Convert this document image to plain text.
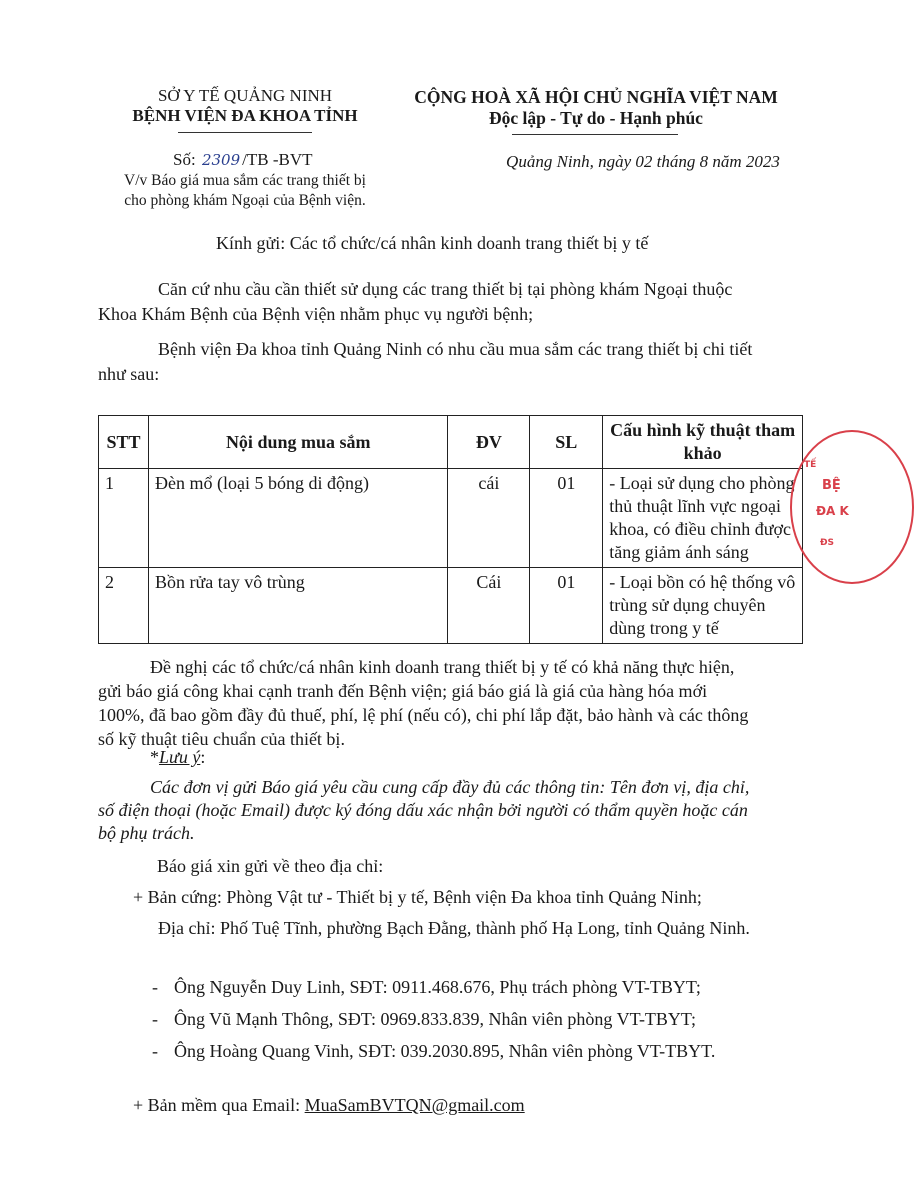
SỞ Y TẾ QUẢNG NINH
BỆNH VIỆN ĐA KHOA TỈNH
Số: 2309 /TB -BVT
V/v Báo giá mua sắm các trang thiết bị
cho phòng khám Ngoại của Bệnh viện.
CỘNG HOÀ XÃ HỘI CHỦ NGHĨA VIỆT NAM
Độc lập - Tự do - Hạnh phúc
Quảng Ninh, ngày 02 tháng 8 năm 2023
Kính gửi: Các tổ chức/cá nhân kinh doanh trang thiết bị y tế
Căn cứ nhu cầu cần thiết sử dụng các trang thiết bị tại phòng khám Ngoại thuộc Khoa Khám Bệnh của Bệnh viện nhằm phục vụ người bệnh;
Bệnh viện Đa khoa tỉnh Quảng Ninh có nhu cầu mua sắm các trang thiết bị chi tiết như sau:
STT	Nội dung mua sắm	ĐV	SL	Cấu hình kỹ thuật tham khảo
1	Đèn mổ (loại 5 bóng di động)	cái	01	- Loại sử dụng cho phòng thủ thuật lĩnh vực ngoại khoa, có điều chỉnh được tăng giảm ánh sáng
2	Bồn rửa tay vô trùng	Cái	01	- Loại bồn có hệ thống vô trùng sử dụng chuyên dùng trong y tế
BỆ
ĐA K
TẾ
ĐS
Đề nghị các tổ chức/cá nhân kinh doanh trang thiết bị y tế có khả năng thực hiện, gửi báo giá công khai cạnh tranh đến Bệnh viện; giá báo giá là giá của hàng hóa mới 100%, đã bao gồm đầy đủ thuế, phí, lệ phí (nếu có), chi phí lắp đặt, bảo hành và các thông số kỹ thuật tiêu chuẩn của thiết bị.
*Lưu ý:
Các đơn vị gửi Báo giá yêu cầu cung cấp đầy đủ các thông tin: Tên đơn vị, địa chỉ, số điện thoại (hoặc Email) được ký đóng dấu xác nhận bởi người có thẩm quyền hoặc cán bộ phụ trách.
Báo giá xin gửi về theo địa chỉ:
+ Bản cứng: Phòng Vật tư - Thiết bị y tế, Bệnh viện Đa khoa tỉnh Quảng Ninh;
Địa chỉ: Phố Tuệ Tĩnh, phường Bạch Đằng, thành phố Hạ Long, tỉnh Quảng Ninh.
- Ông Nguyễn Duy Linh, SĐT: 0911.468.676, Phụ trách phòng VT-TBYT;
- Ông Vũ Mạnh Thông, SĐT: 0969.833.839, Nhân viên phòng VT-TBYT;
- Ông Hoàng Quang Vinh, SĐT: 039.2030.895, Nhân viên phòng VT-TBYT.
+ Bản mềm qua Email: MuaSamBVTQN@gmail.com
